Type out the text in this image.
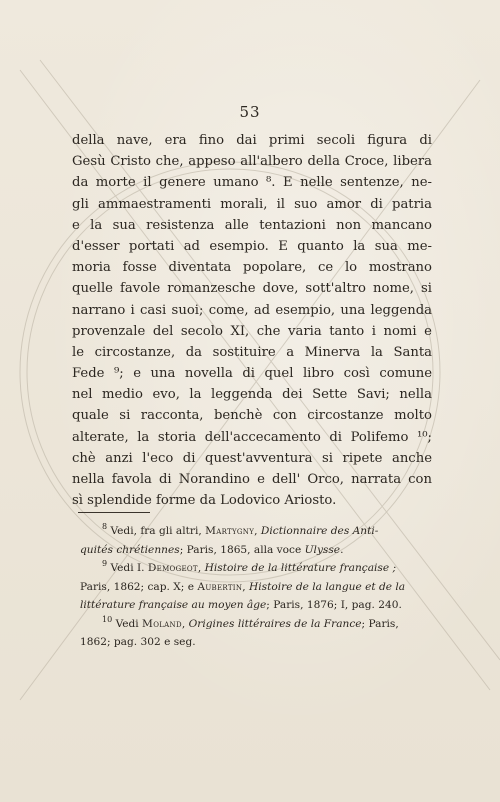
53
della nave, era fino dai primi secoli figura di
Gesù Cristo che, appeso all'albero della Croce, libera
da morte il genere umano ⁸. E nelle sentenze, ne-
gli ammaestramenti morali, il suo amor di patria
e la sua resistenza alle tentazioni non mancano
d'esser portati ad esempio. E quanto la sua me-
moria fosse diventata popolare, ce lo mostrano
quelle favole romanzesche dove, sott'altro nome, si
narrano i casi suoi; come, ad esempio, una leggenda
provenzale del secolo XI, che varia tanto i nomi e
le circostanze, da sostituire a Minerva la Santa
Fede ⁹; e una novella di quel libro così comune
nel medio evo, la leggenda dei Sette Savi; nella
quale si racconta, benchè con circostanze molto
alterate, la storia dell'accecamento di Polifemo ¹⁰;
chè anzi l'eco di quest'avventura si ripete anche
nella favola di Norandino e dell' Orco, narrata con
sì splendide forme da Lodovico Ariosto.
$^8$ Vedi, fra gli altri, Martygny, Dictionnaire des Anti-
quités chrétiennes; Paris, 1865, alla voce Ulysse.
$^9$ Vedi I. Demogeot, Histoire de la littérature française ;
Paris, 1862; cap. X; e Aubertin, Histoire de la langue et de la
littérature française au moyen âge; Paris, 1876; I, pag. 240.
$^{10}$ Vedi Moland, Origines littéraires de la France; Paris,
1862; pag. 302 e seg.
